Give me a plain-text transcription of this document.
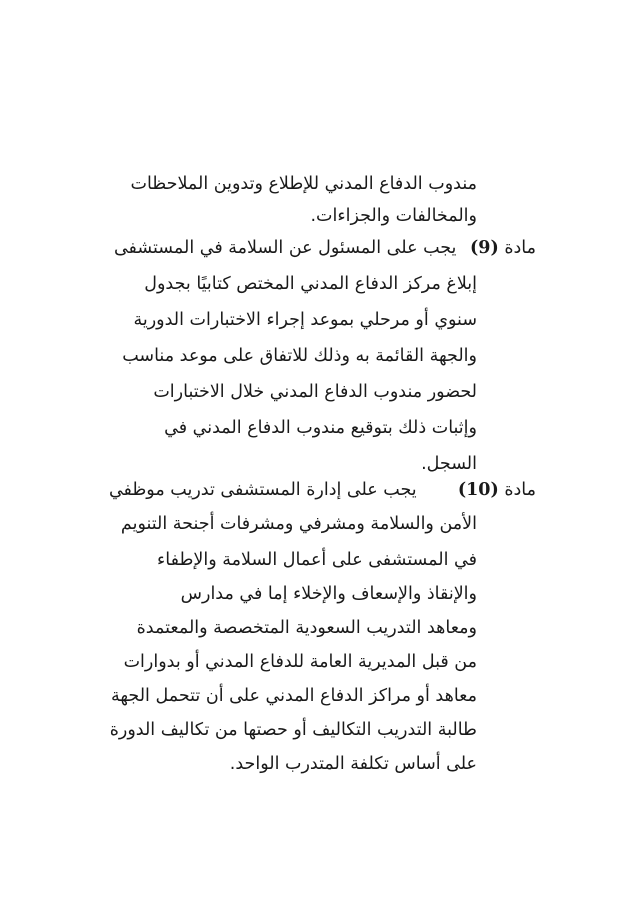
مندوب الدفاع المدني للإطلاع وتدوين الملاحظات
والمخالفات والجزاءات.
مادة (9) يجب على المسئول عن السلامة في المستشفى
إبلاغ مركز الدفاع المدني المختص كتابيًا بجدول
سنوي أو مرحلي بموعد إجراء الاختبارات الدورية
والجهة القائمة به وذلك للاتفاق على موعد مناسب
لحضور مندوب الدفاع المدني خلال الاختبارات
وإثبات ذلك بتوقيع مندوب الدفاع المدني في
السجل.
مادة (10)  يجب على إدارة المستشفى تدريب موظفي
الأمن والسلامة ومشرفي ومشرفات أجنحة التنويم
في المستشفى على أعمال السلامة والإطفاء
والإنقاذ والإسعاف والإخلاء إما في مدارس
ومعاهد التدريب السعودية المتخصصة والمعتمدة
من قبل المديرية العامة للدفاع المدني أو بدوارات
معاهد أو مراكز الدفاع المدني على أن تتحمل الجهة
طالبة التدريب التكاليف أو حصتها من تكاليف الدورة
على أساس تكلفة المتدرب الواحد.
